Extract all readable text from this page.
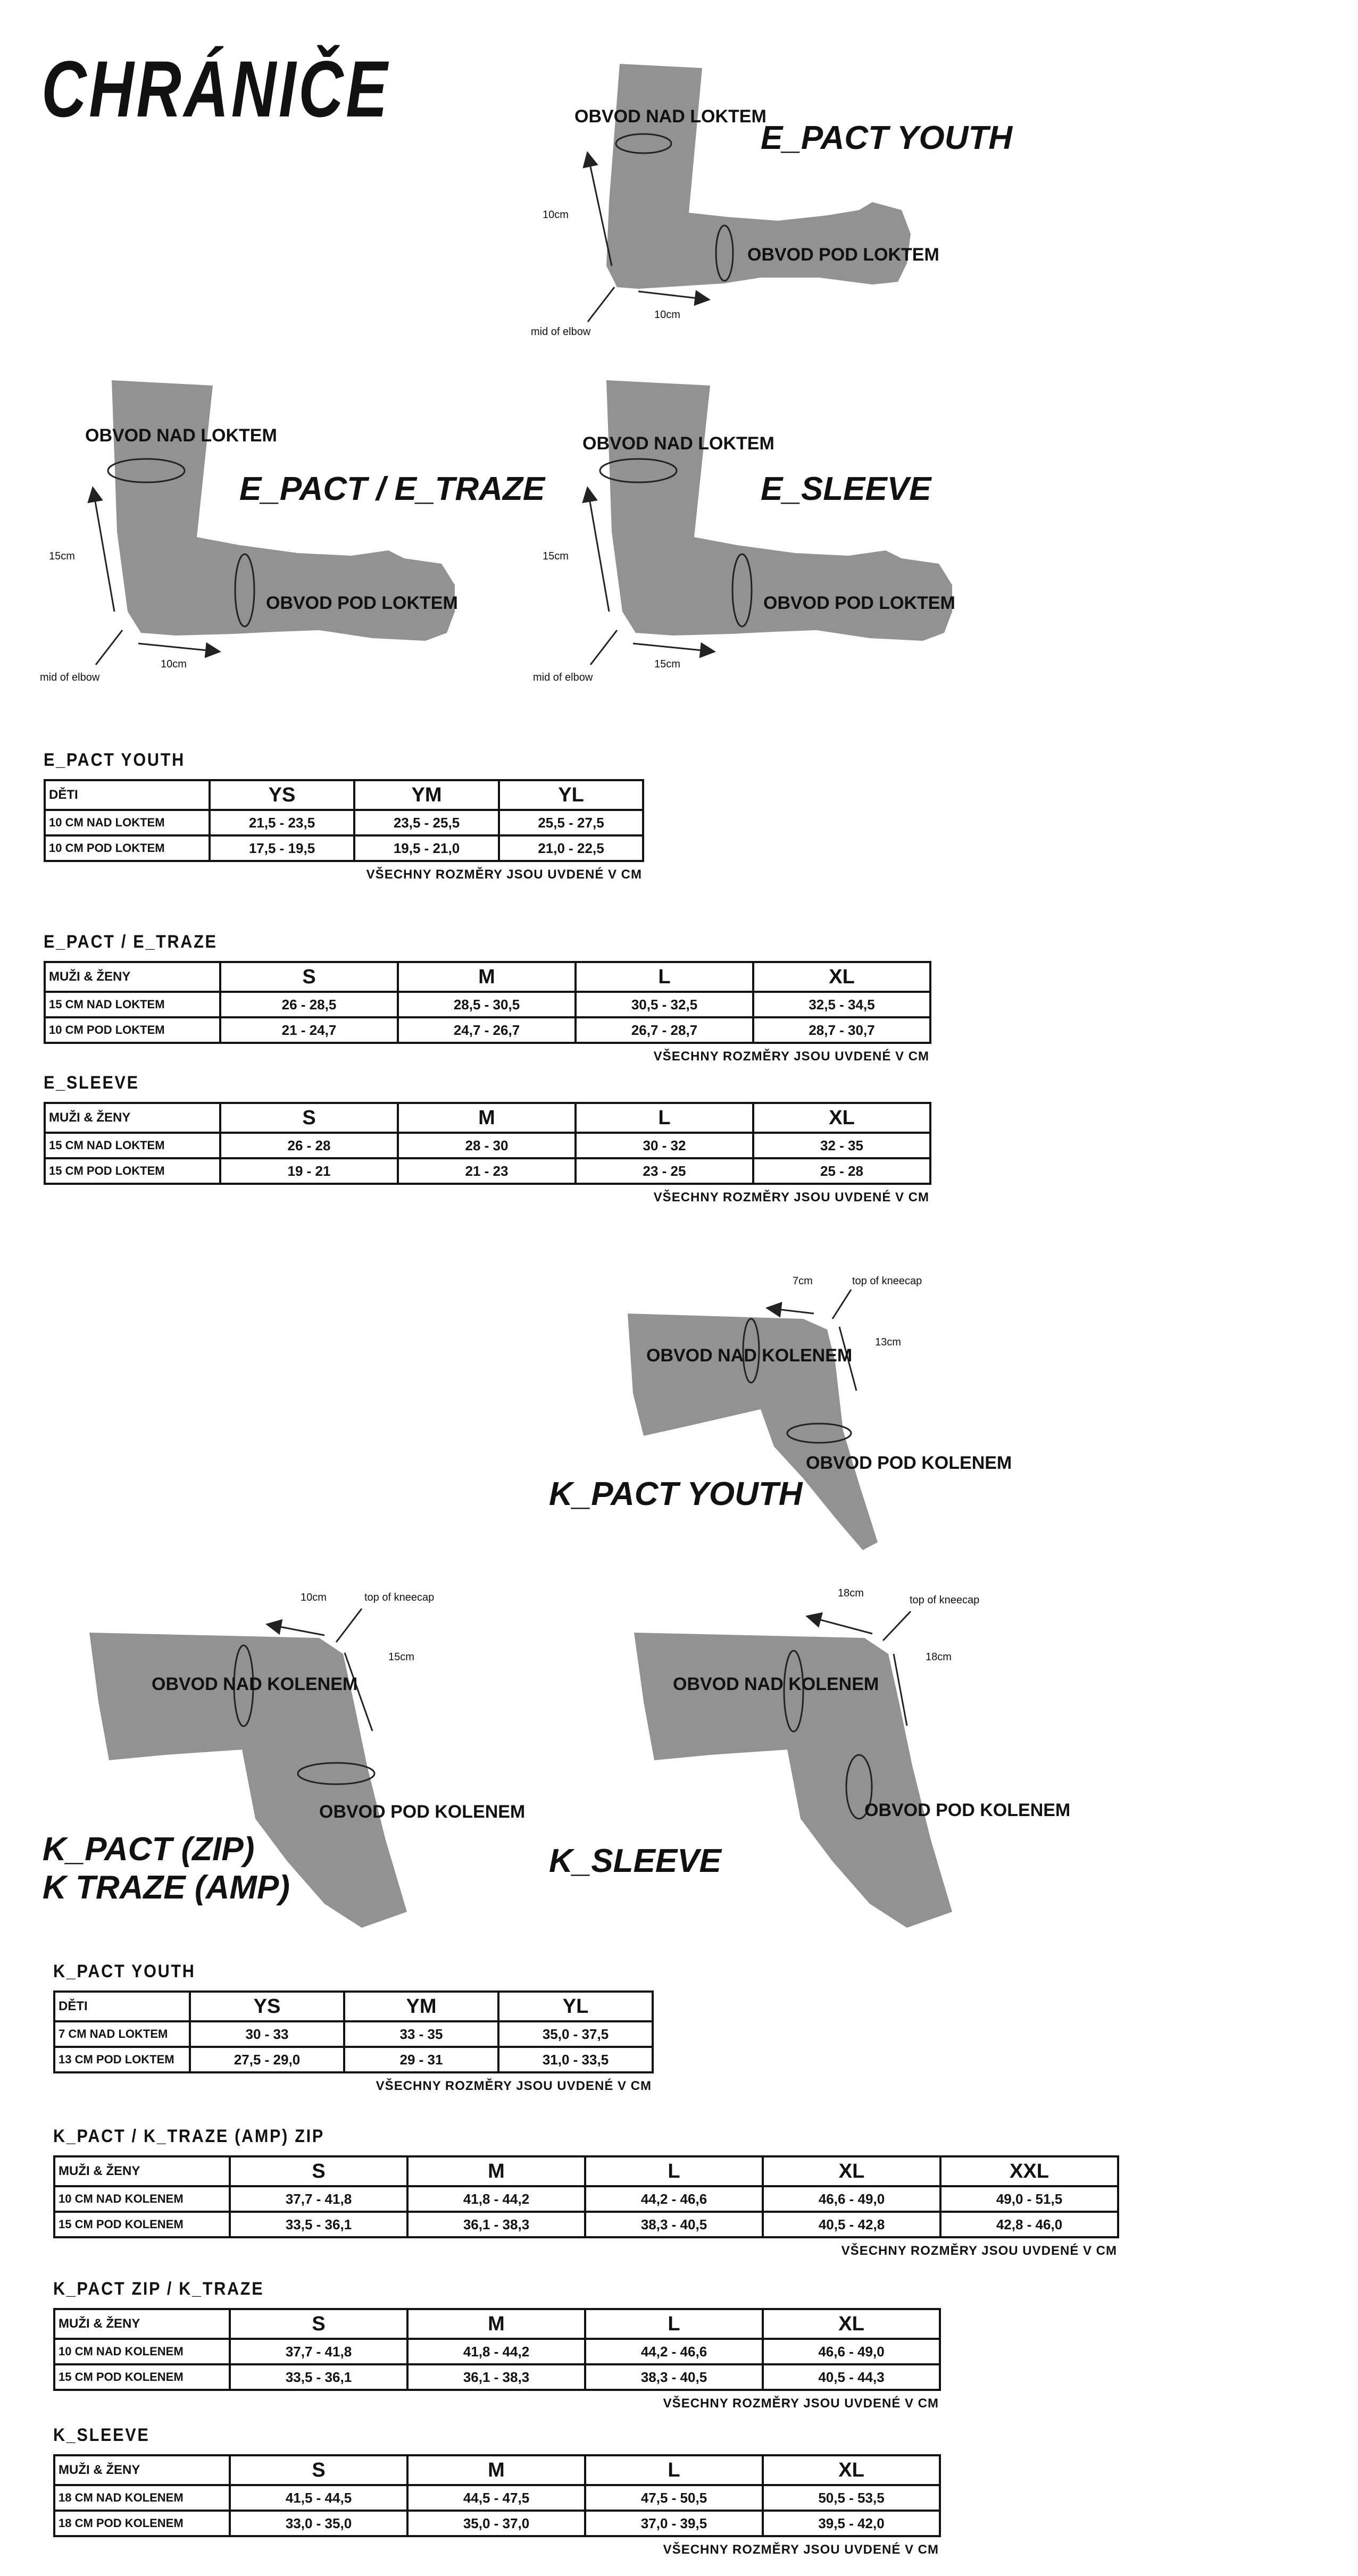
CHRÁNIČE	OBVOD NAD LOKTEM
OBVOD POD LOKTEM
10cm
10cm
mid of elbow
E_PACT YOUTH
OBVOD NAD LOKTEM
OBVOD POD LOKTEM
15cm
10cm
mid of elbow
E_PACT / E_TRAZE
OBVOD NAD LOKTEM
OBVOD POD LOKTEM
15cm
15cm
mid of elbow
E_SLEEVE
OBVOD NAD KOLENEM
OBVOD POD KOLENEM
7cm
13cm
top of kneecap
K_PACT YOUTH
OBVOD NAD KOLENEM
OBVOD POD KOLENEM
10cm
15cm
top of kneecap
K_PACT (ZIP)
K TRAZE (AMP)
OBVOD NAD KOLENEM
OBVOD POD KOLENEM
18cm
18cm
top of kneecap
K_SLEEVE
E_PACT YOUTH
DĚTI	YS	YM	YL
10 CM NAD LOKTEM	21,5 - 23,5	23,5 - 25,5	25,5 - 27,5
10 CM POD LOKTEM	17,5 - 19,5	19,5 - 21,0	21,0 - 22,5
VŠECHNY ROZMĚRY JSOU UVDENÉ V CM
E_PACT / E_TRAZE
MUŽI & ŽENY	S	M	L	XL
15 CM NAD LOKTEM	26 - 28,5	28,5 - 30,5	30,5 - 32,5	32,5 - 34,5
10 CM POD LOKTEM	21 - 24,7	24,7 - 26,7	26,7 - 28,7	28,7 - 30,7
VŠECHNY ROZMĚRY JSOU UVDENÉ V CM
E_SLEEVE
MUŽI & ŽENY	S	M	L	XL
15 CM NAD LOKTEM	26 - 28	28 - 30	30 - 32	32 - 35
15 CM POD LOKTEM	19 - 21	21 - 23	23 - 25	25 - 28
VŠECHNY ROZMĚRY JSOU UVDENÉ V CM
K_PACT YOUTH
DĚTI	YS	YM	YL
7 CM NAD LOKTEM	30 - 33	33 - 35	35,0 - 37,5
13 CM POD LOKTEM	27,5 - 29,0	29 - 31	31,0 - 33,5
VŠECHNY ROZMĚRY JSOU UVDENÉ V CM
K_PACT / K_TRAZE (AMP) ZIP
MUŽI & ŽENY	S	M	L	XL	XXL
10 CM NAD KOLENEM	37,7 - 41,8	41,8 - 44,2	44,2 - 46,6	46,6 - 49,0	49,0 - 51,5
15 CM POD KOLENEM	33,5 - 36,1	36,1 - 38,3	38,3 - 40,5	40,5 - 42,8	42,8 - 46,0
VŠECHNY ROZMĚRY JSOU UVDENÉ V CM
K_PACT ZIP / K_TRAZE
MUŽI & ŽENY	S	M	L	XL
10 CM NAD KOLENEM	37,7 - 41,8	41,8 - 44,2	44,2 - 46,6	46,6 - 49,0
15 CM POD KOLENEM	33,5 - 36,1	36,1 - 38,3	38,3 - 40,5	40,5 - 44,3
VŠECHNY ROZMĚRY JSOU UVDENÉ V CM
K_SLEEVE
MUŽI & ŽENY	S	M	L	XL
18 CM NAD KOLENEM	41,5 - 44,5	44,5 - 47,5	47,5 - 50,5	50,5 - 53,5
18 CM POD KOLENEM	33,0 - 35,0	35,0 - 37,0	37,0 - 39,5	39,5 - 42,0
VŠECHNY ROZMĚRY JSOU UVDENÉ V CM
